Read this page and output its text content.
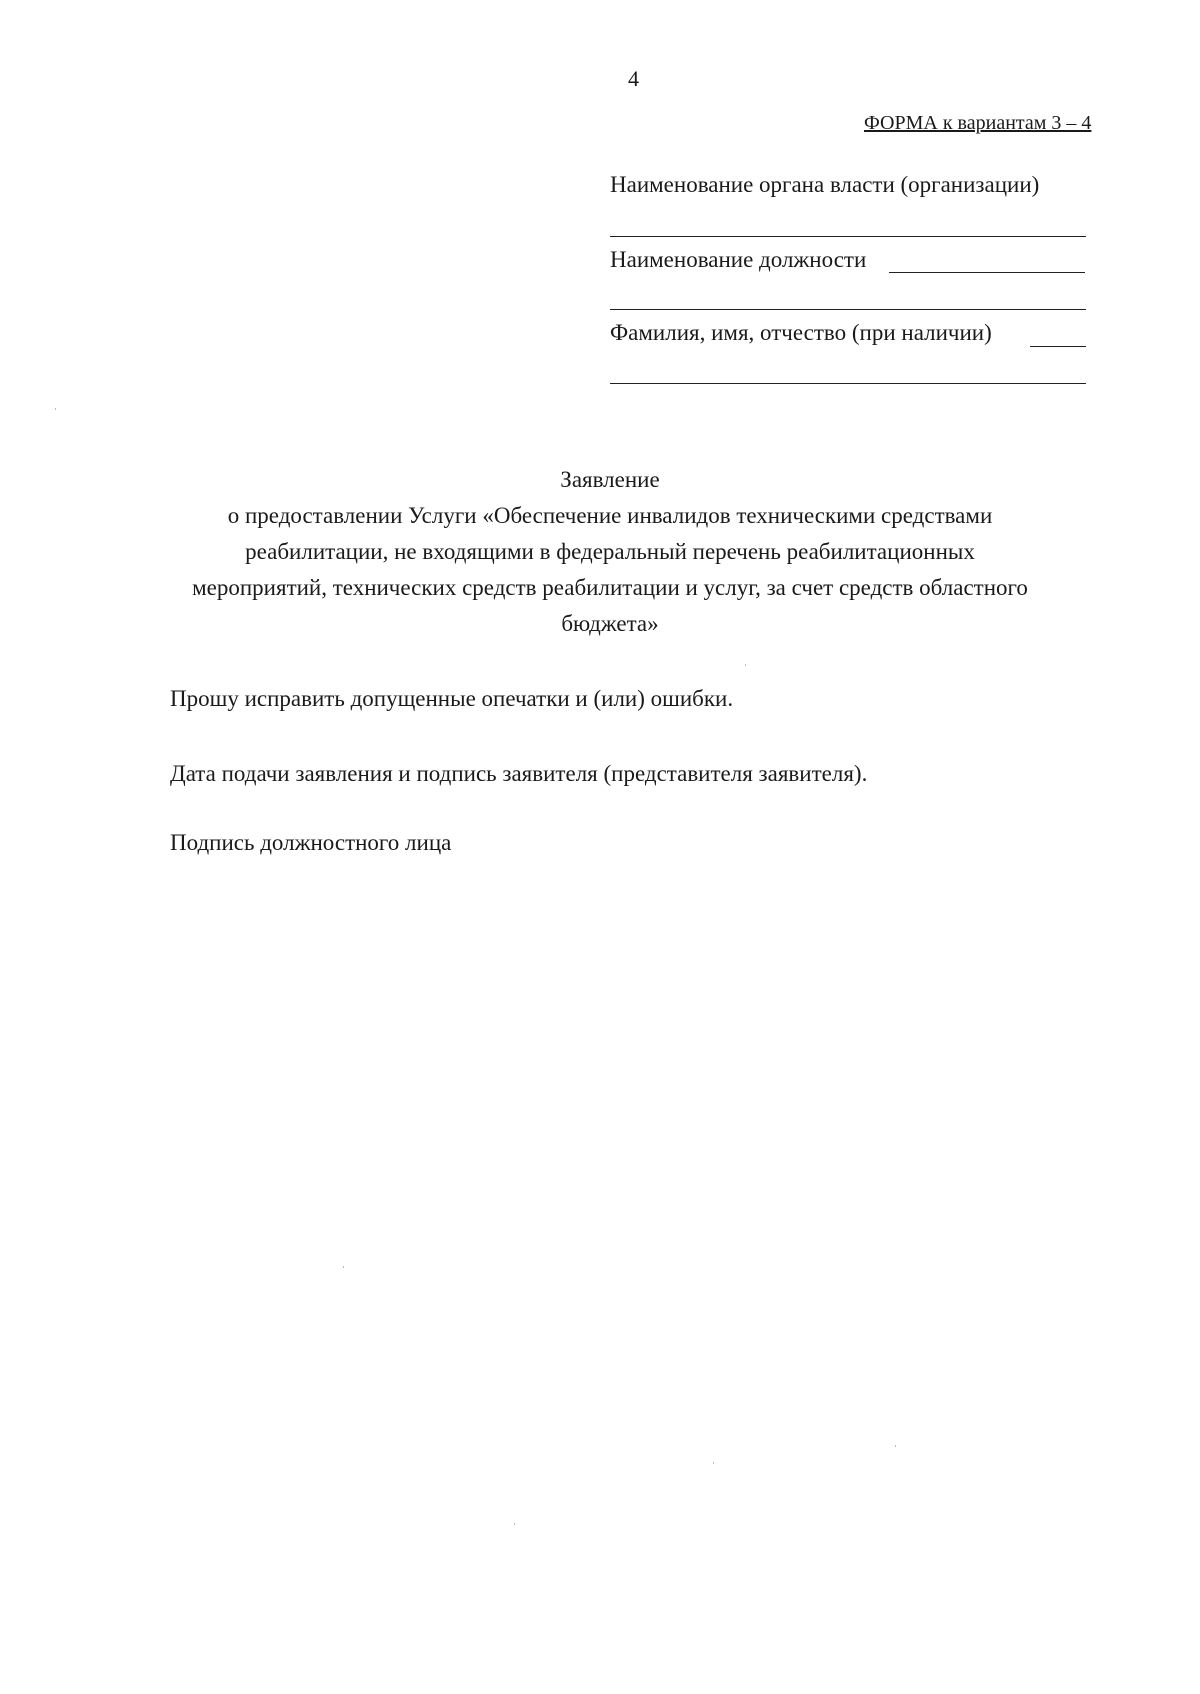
4
ФОРМА к вариантам 3 – 4
Наименование органа власти (организации)
Наименование должности
Фамилия, имя, отчество (при наличии)
Заявление
о предоставлении Услуги «Обеспечение инвалидов техническими средствами
реабилитации, не входящими в федеральный перечень реабилитационных
мероприятий, технических средств реабилитации и услуг, за счет средств областного
бюджета»
Прошу исправить допущенные опечатки и (или) ошибки.
Дата подачи заявления и подпись заявителя (представителя заявителя).
Подпись должностного лица
